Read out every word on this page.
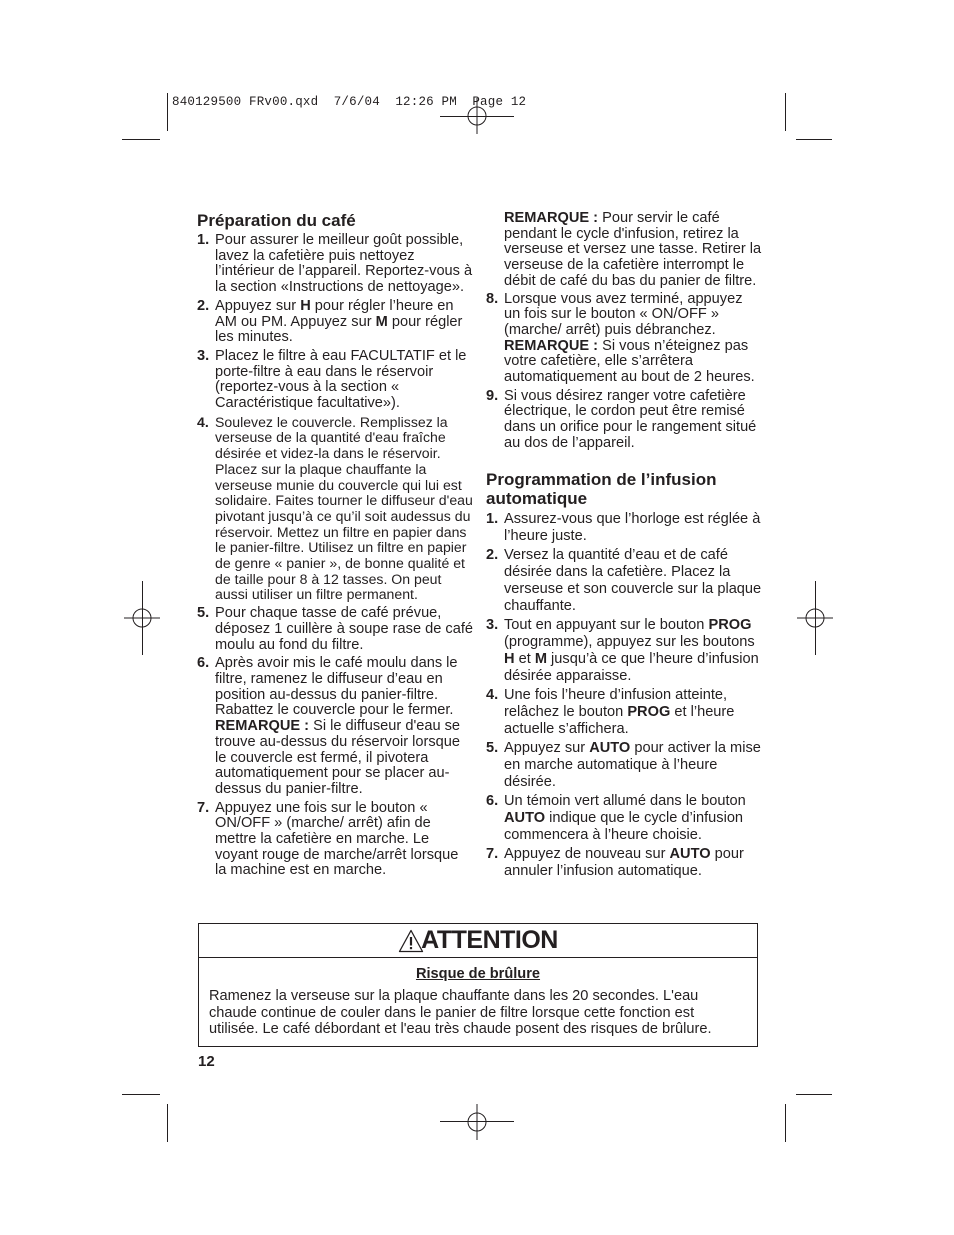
840129500 FRv00.qxd  7/6/04  12:26 PM  Page 12
Préparation du café
1. Pour assurer le meilleur goût possible, lavez la cafetière puis nettoyez l’intérieur de l’appareil. Reportez-vous à la section «Instructions de nettoyage».
2. Appuyez sur H pour régler l’heure en AM ou PM. Appuyez sur M pour régler les minutes.
3. Placez le filtre à eau FACULTATIF et le porte-filtre à eau dans le réservoir (reportez-vous à la section « Caractéristique facultative»).
4. Soulevez le couvercle. Remplissez la verseuse de la quantité d'eau fraîche désirée et videz-la dans le réservoir. Placez sur la plaque chauffante la verseuse munie du couvercle qui lui est solidaire. Faites tourner le diffuseur d'eau pivotant jusqu’à ce qu’il soit audessus du réservoir. Mettez un filtre en papier dans le panier-filtre. Utilisez un filtre en papier de genre « panier », de bonne qualité et de taille pour 8 à 12 tasses. On peut aussi utiliser un filtre permanent.
5. Pour chaque tasse de café prévue, déposez 1 cuillère à soupe rase de café moulu au fond du filtre.
6. Après avoir mis le café moulu dans le filtre, ramenez le diffuseur d’eau en position au-dessus du panier-filtre. Rabattez le couvercle pour le fermer.
REMARQUE : Si le diffuseur d'eau se trouve au-dessus du réservoir lorsque le couvercle est fermé, il pivotera automatiquement pour se placer au-dessus du panier-filtre.
7. Appuyez une fois sur le bouton « ON/OFF » (marche/ arrêt) afin de mettre la cafetière en marche. Le voyant rouge de marche/arrêt lorsque la machine est en marche.

REMARQUE : Pour servir le café pendant le cycle d'infusion, retirez la verseuse et versez une tasse. Retirer la verseuse de la cafetière interrompt le débit de café du bas du panier de filtre.

8. Lorsque vous avez terminé, appuyez un fois sur le bouton « ON/OFF » (marche/ arrêt) puis débranchez.
REMARQUE : Si vous n’éteignez pas votre cafetière, elle s’arrêtera automatiquement au bout de 2 heures.
9. Si vous désirez ranger votre cafetière électrique, le cordon peut être remisé dans un orifice pour le rangement situé au dos de l’appareil.
Programmation de l’infusion automatique
1. Assurez-vous que l’horloge est réglée à l’heure juste.
2. Versez la quantité d’eau et de café désirée dans la cafetière. Placez la verseuse et son couvercle sur la plaque chauffante.
3. Tout en appuyant sur le bouton PROG (programme), appuyez sur les boutons H et M jusqu’à ce que l’heure d’infusion désirée apparaisse.
4. Une fois l’heure d’infusion atteinte, relâchez le bouton PROG et l’heure actuelle s’affichera.
5. Appuyez sur AUTO pour activer la mise en marche automatique à l’heure désirée.
6. Un témoin vert allumé dans le bouton AUTO indique que le cycle d’infusion commencera à l’heure choisie.
7. Appuyez de nouveau sur AUTO pour annuler l’infusion automatique.
ATTENTION
Risque de brûlure
Ramenez la verseuse sur la plaque chauffante dans les 20 secondes. L'eau chaude continue de couler dans le panier de filtre lorsque cette fonction est utilisée. Le café débordant et l'eau très chaude posent des risques de brûlure.
12
